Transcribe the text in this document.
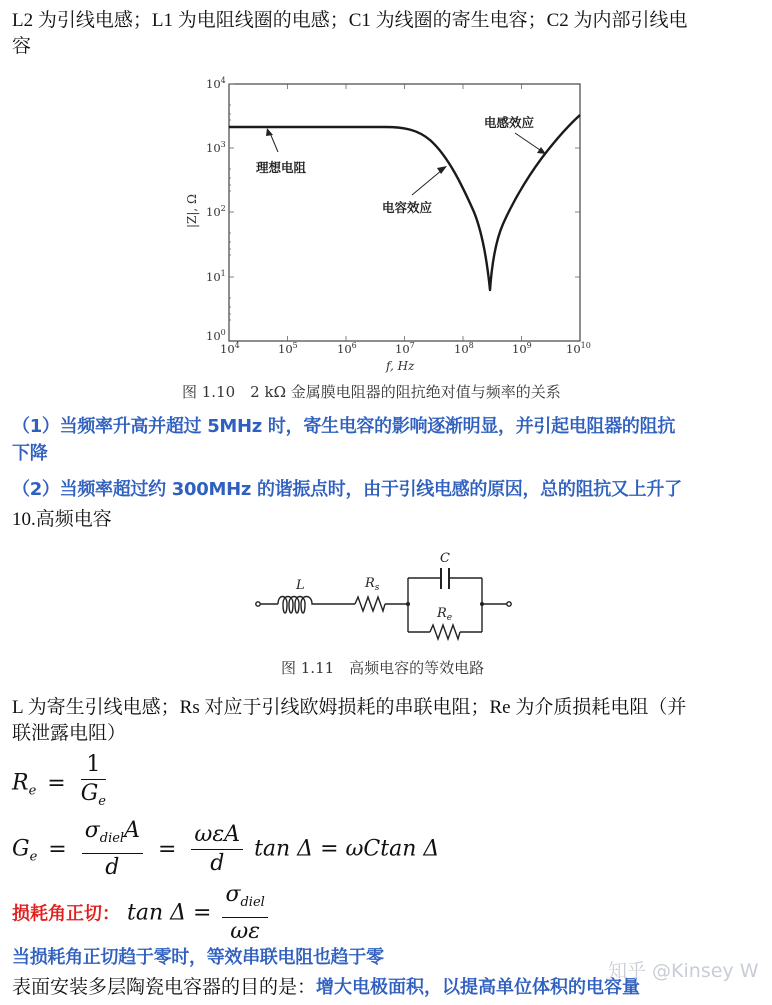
L2 为引线电感；L1 为电阻线圈的电感；C1 为线圈的寄生电容；C2 为内部引线电
容
理想电阻
电容效应
电感效应
$10^4$
$10^3$
$10^2$
$10^1$
$10^0$
|Z|, Ω
$10^4$	$10^5$	$10^6$	$10^7$	$10^8$	$10^9$	$10^{10}$
f, Hz
图 1.10　2 kΩ 金属膜电阻器的阻抗绝对值与频率的关系
（1）当频率升高并超过 5MHz 时，寄生电容的影响逐渐明显，并引起电阻器的阻抗
下降
（2）当频率超过约 300MHz 的谐振点时，由于引线电感的原因，总的阻抗又上升了
10.高频电容
L	$R_s$
C
$R_e$
图 1.11　高频电容的等效电路
L 为寄生引线电感；Rs 对应于引线欧姆损耗的串联电阻；Re 为介质损耗电阻（并
联泄露电阻）
$R_e = \frac{1}{G_e}$
$G_e = \frac{\sigma_{diel}A}{d} = \frac{\text{ωεA}}{d}$ tan Δ = ωCtan Δ
损耗角正切： $\tan \Delta = \frac{\sigma_{diel}}{\omega\varepsilon}$
当损耗角正切趋于零时，等效串联电阻也趋于零
表面安装多层陶瓷电容器的目的是：增大电极面积，以提高单位体积的电容量
知乎 @Kinsey W
